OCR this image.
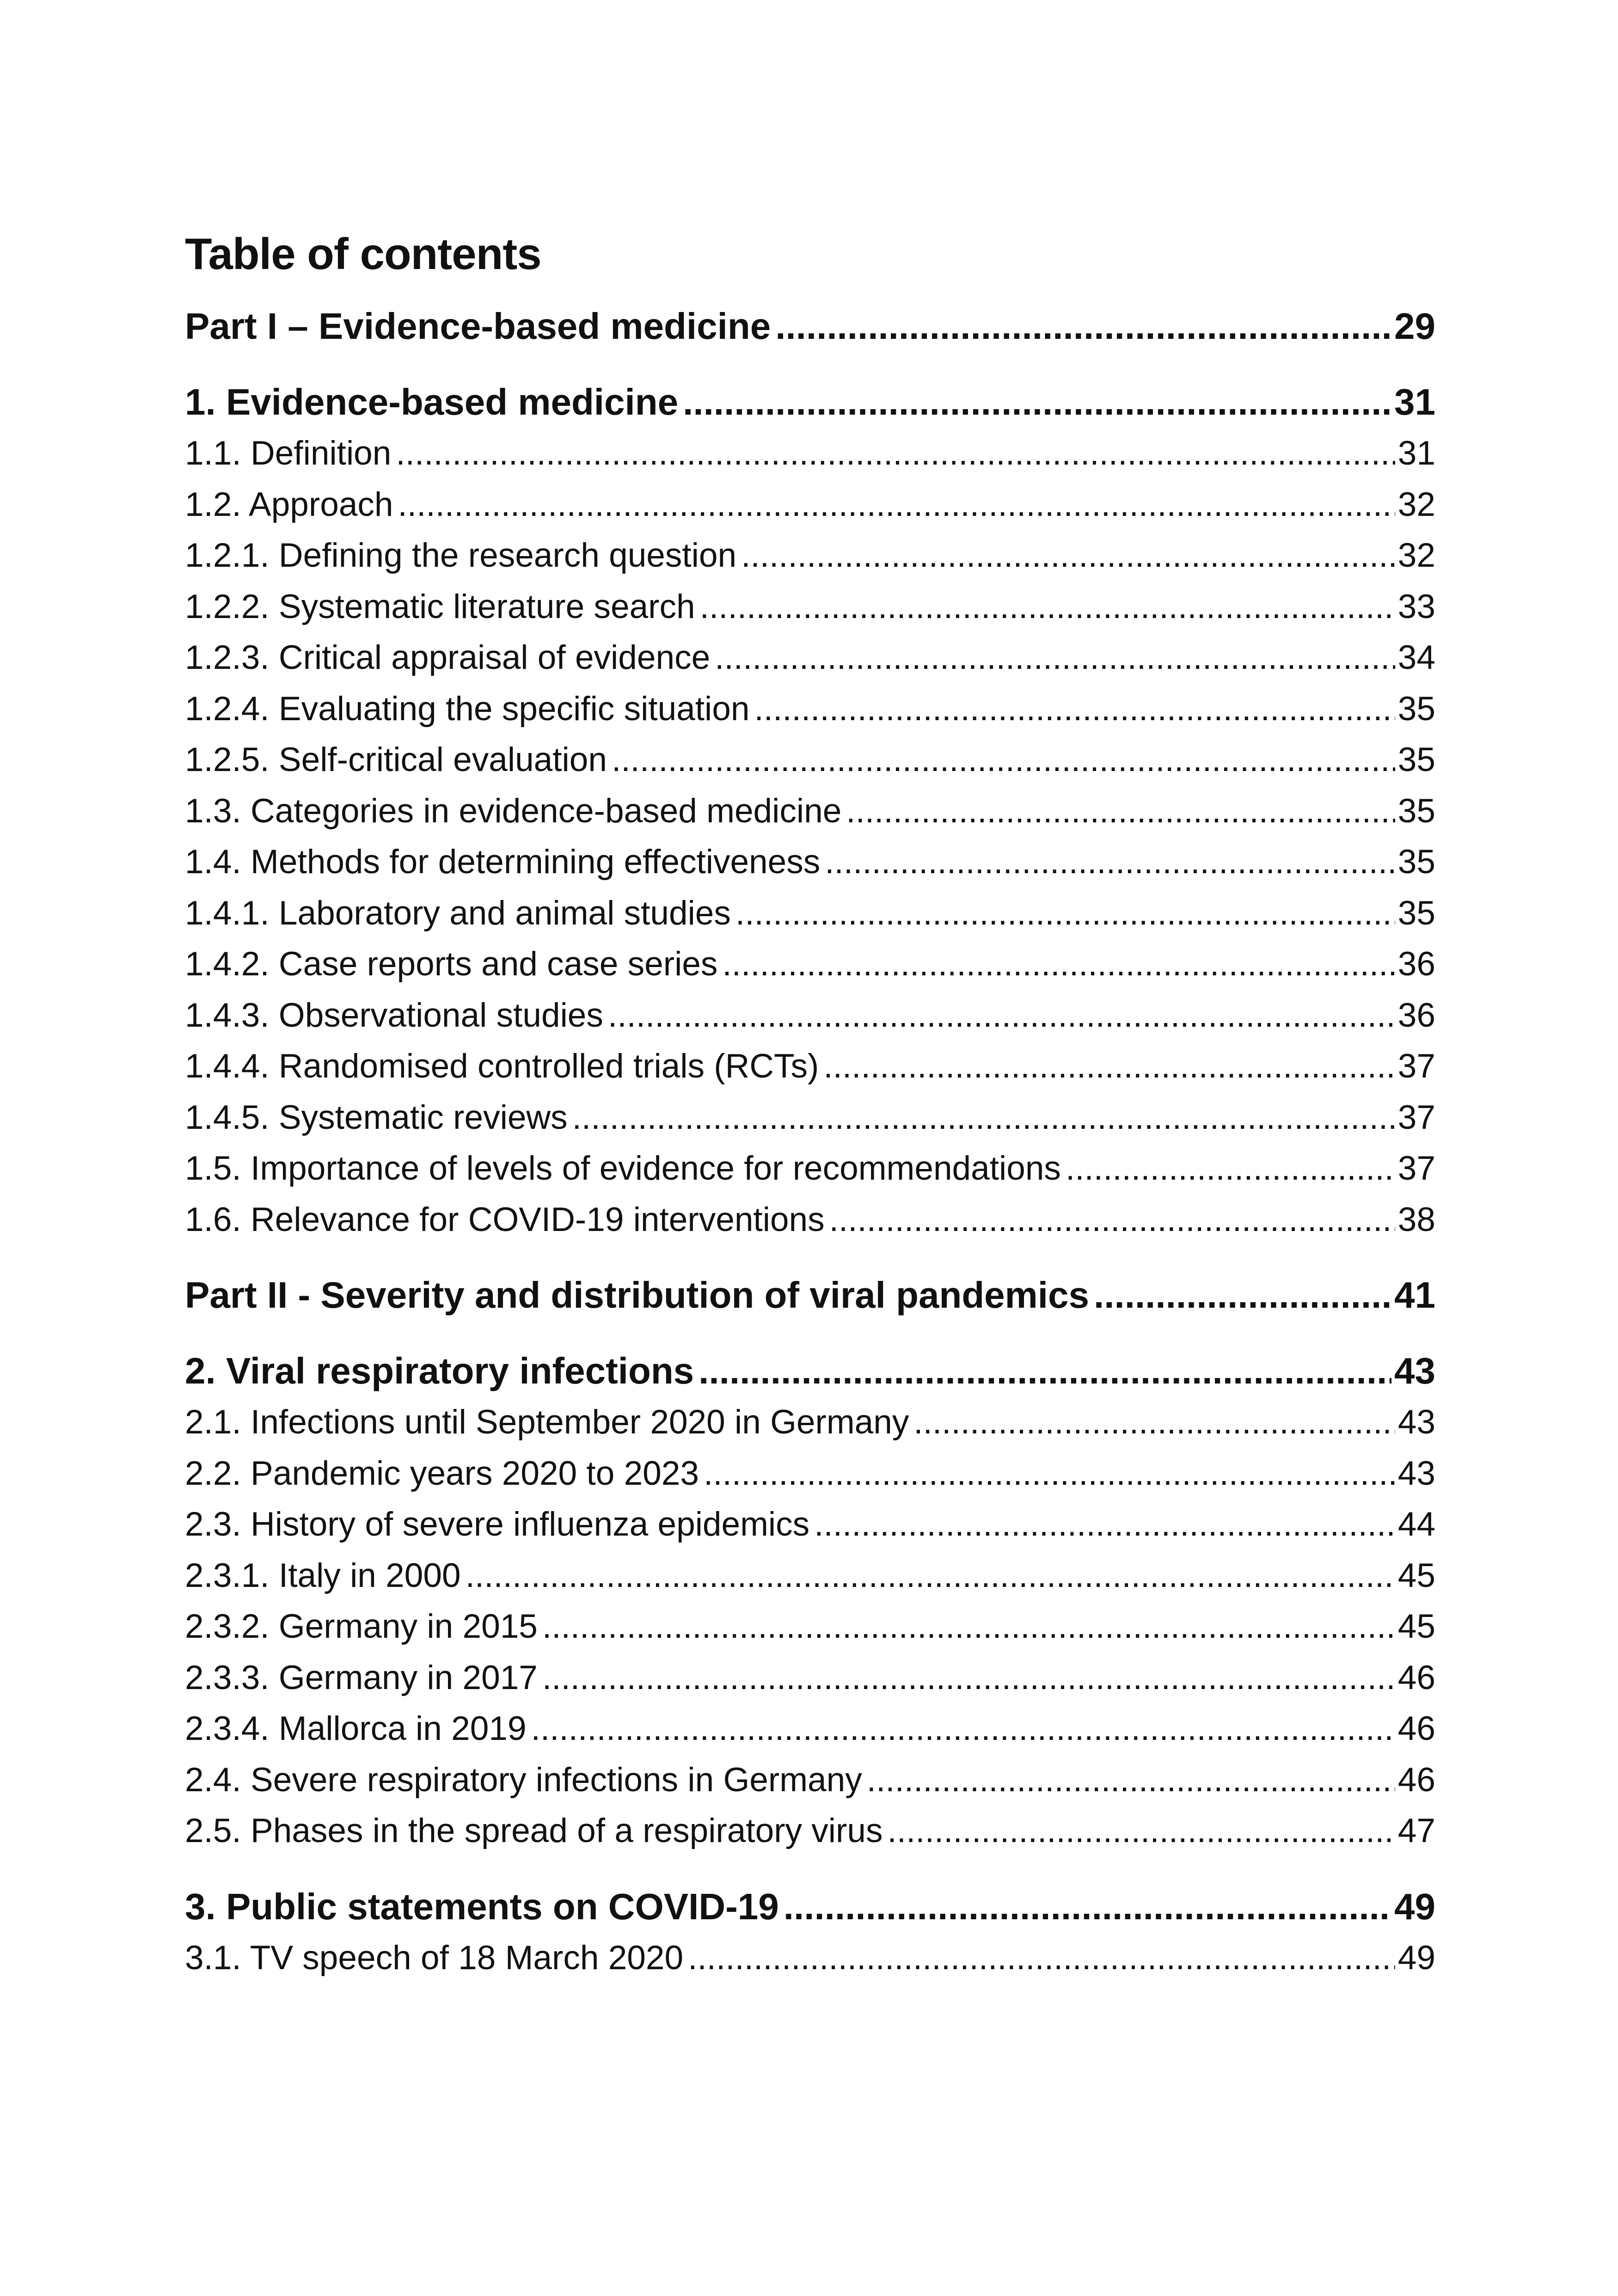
Table of contents
Part I – Evidence-based medicine .....	29
1. Evidence-based medicine .....	31
1.1. Definition .....	31
1.2. Approach .....	32
1.2.1. Defining the research question .....	32
1.2.2. Systematic literature search .....	33
1.2.3. Critical appraisal of evidence .....	34
1.2.4. Evaluating the specific situation .....	35
1.2.5. Self-critical evaluation .....	35
1.3. Categories in evidence-based medicine .....	35
1.4. Methods for determining effectiveness .....	35
1.4.1. Laboratory and animal studies .....	35
1.4.2. Case reports and case series .....	36
1.4.3. Observational studies .....	36
1.4.4. Randomised controlled trials (RCTs) .....	37
1.4.5. Systematic reviews .....	37
1.5. Importance of levels of evidence for recommendations .....	37
1.6. Relevance for COVID-19 interventions .....	38
Part II - Severity and distribution of viral pandemics .....	41
2. Viral respiratory infections .....	43
2.1. Infections until September 2020 in Germany .....	43
2.2. Pandemic years 2020 to 2023 .....	43
2.3. History of severe influenza epidemics .....	44
2.3.1. Italy in 2000 .....	45
2.3.2. Germany in 2015 .....	45
2.3.3. Germany in 2017 .....	46
2.3.4. Mallorca in 2019 .....	46
2.4. Severe respiratory infections in Germany .....	46
2.5. Phases in the spread of a respiratory virus .....	47
3. Public statements on COVID-19 .....	49
3.1. TV speech of 18 March 2020 .....	49
